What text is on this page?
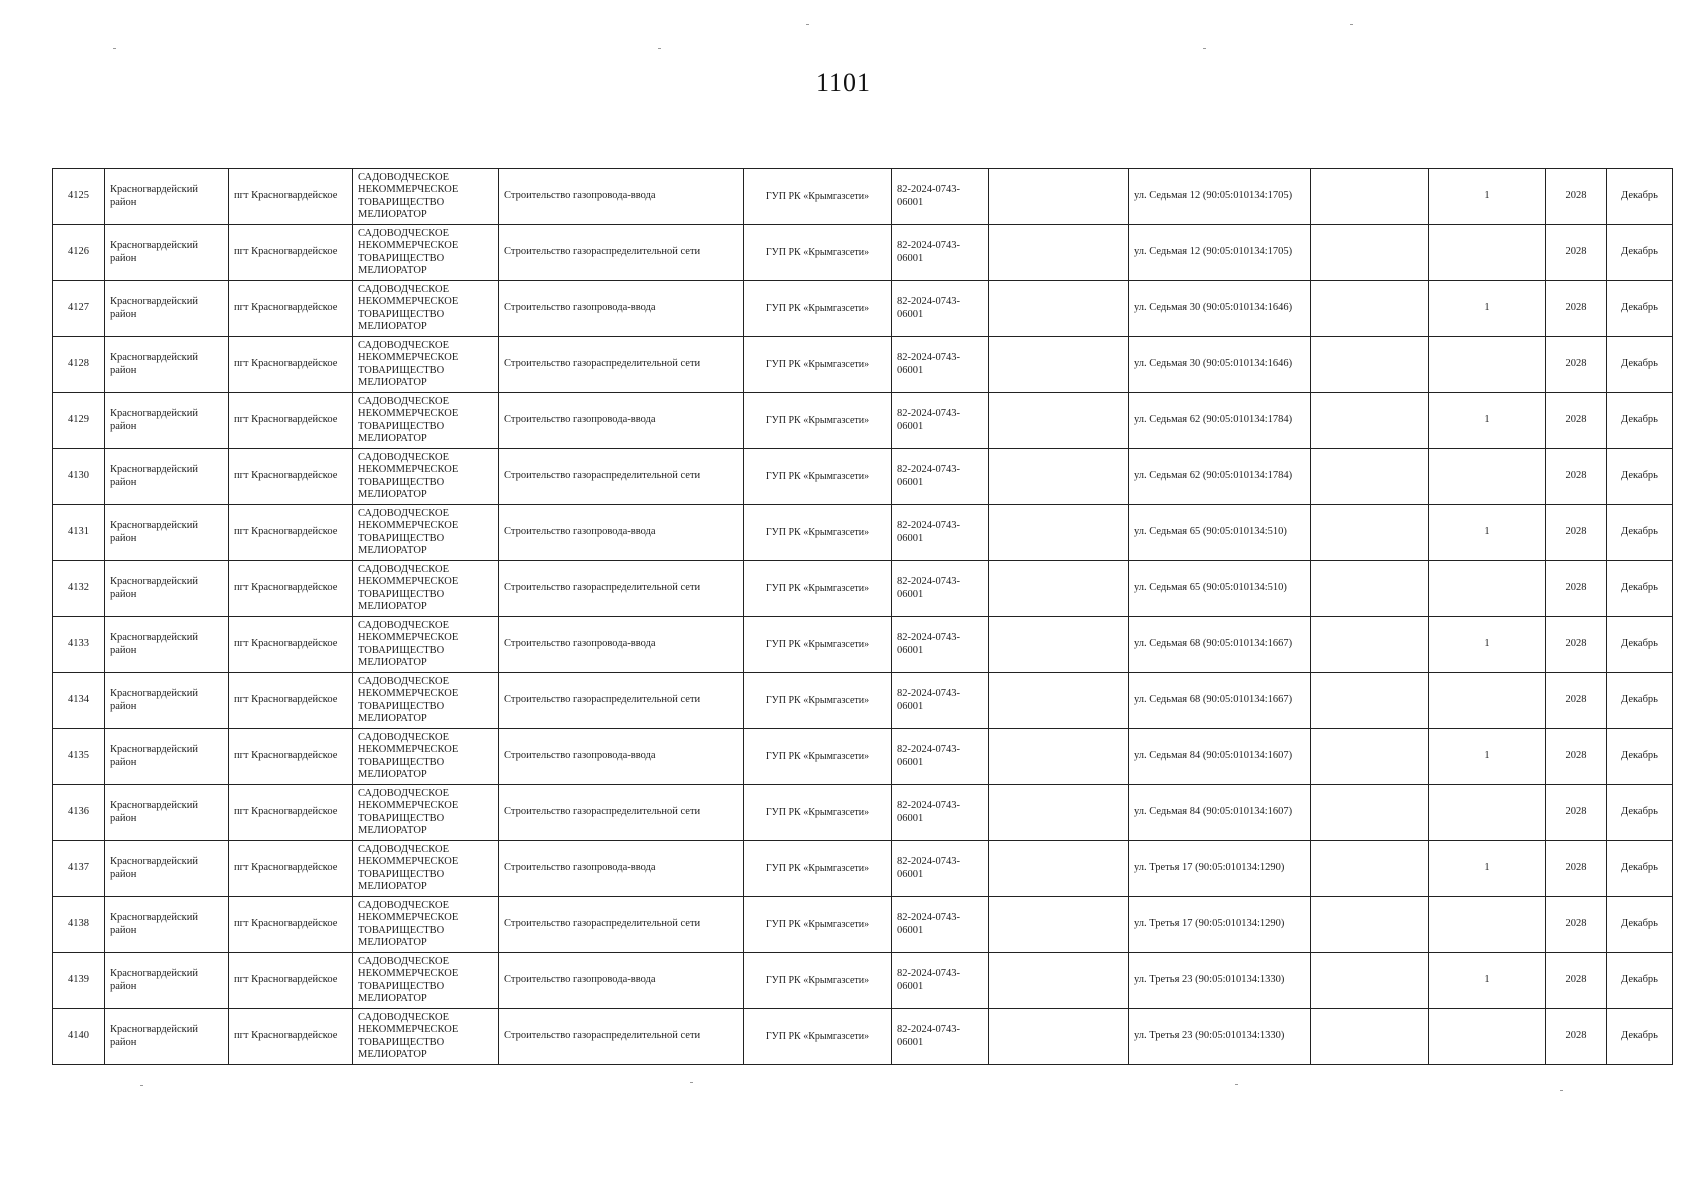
1101
4125	Красногвардейский район	пгт Красногвардейское	САДОВОДЧЕСКОЕ НЕКОММЕРЧЕСКОЕ ТОВАРИЩЕСТВО МЕЛИОРАТОР	Строительство газопровода-ввода	ГУП РК «Крымгазсети»	82-2024-0743-06001		ул. Седьмая 12 (90:05:010134:1705)		1	2028	Декабрь
4126	Красногвардейский район	пгт Красногвардейское	САДОВОДЧЕСКОЕ НЕКОММЕРЧЕСКОЕ ТОВАРИЩЕСТВО МЕЛИОРАТОР	Строительство газораспределительной сети	ГУП РК «Крымгазсети»	82-2024-0743-06001		ул. Седьмая 12 (90:05:010134:1705)			2028	Декабрь
4127	Красногвардейский район	пгт Красногвардейское	САДОВОДЧЕСКОЕ НЕКОММЕРЧЕСКОЕ ТОВАРИЩЕСТВО МЕЛИОРАТОР	Строительство газопровода-ввода	ГУП РК «Крымгазсети»	82-2024-0743-06001		ул. Седьмая 30 (90:05:010134:1646)		1	2028	Декабрь
4128	Красногвардейский район	пгт Красногвардейское	САДОВОДЧЕСКОЕ НЕКОММЕРЧЕСКОЕ ТОВАРИЩЕСТВО МЕЛИОРАТОР	Строительство газораспределительной сети	ГУП РК «Крымгазсети»	82-2024-0743-06001		ул. Седьмая 30 (90:05:010134:1646)			2028	Декабрь
4129	Красногвардейский район	пгт Красногвардейское	САДОВОДЧЕСКОЕ НЕКОММЕРЧЕСКОЕ ТОВАРИЩЕСТВО МЕЛИОРАТОР	Строительство газопровода-ввода	ГУП РК «Крымгазсети»	82-2024-0743-06001		ул. Седьмая 62 (90:05:010134:1784)		1	2028	Декабрь
4130	Красногвардейский район	пгт Красногвардейское	САДОВОДЧЕСКОЕ НЕКОММЕРЧЕСКОЕ ТОВАРИЩЕСТВО МЕЛИОРАТОР	Строительство газораспределительной сети	ГУП РК «Крымгазсети»	82-2024-0743-06001		ул. Седьмая 62 (90:05:010134:1784)			2028	Декабрь
4131	Красногвардейский район	пгт Красногвардейское	САДОВОДЧЕСКОЕ НЕКОММЕРЧЕСКОЕ ТОВАРИЩЕСТВО МЕЛИОРАТОР	Строительство газопровода-ввода	ГУП РК «Крымгазсети»	82-2024-0743-06001		ул. Седьмая 65 (90:05:010134:510)		1	2028	Декабрь
4132	Красногвардейский район	пгт Красногвардейское	САДОВОДЧЕСКОЕ НЕКОММЕРЧЕСКОЕ ТОВАРИЩЕСТВО МЕЛИОРАТОР	Строительство газораспределительной сети	ГУП РК «Крымгазсети»	82-2024-0743-06001		ул. Седьмая 65 (90:05:010134:510)			2028	Декабрь
4133	Красногвардейский район	пгт Красногвардейское	САДОВОДЧЕСКОЕ НЕКОММЕРЧЕСКОЕ ТОВАРИЩЕСТВО МЕЛИОРАТОР	Строительство газопровода-ввода	ГУП РК «Крымгазсети»	82-2024-0743-06001		ул. Седьмая 68 (90:05:010134:1667)		1	2028	Декабрь
4134	Красногвардейский район	пгт Красногвардейское	САДОВОДЧЕСКОЕ НЕКОММЕРЧЕСКОЕ ТОВАРИЩЕСТВО МЕЛИОРАТОР	Строительство газораспределительной сети	ГУП РК «Крымгазсети»	82-2024-0743-06001		ул. Седьмая 68 (90:05:010134:1667)			2028	Декабрь
4135	Красногвардейский район	пгт Красногвардейское	САДОВОДЧЕСКОЕ НЕКОММЕРЧЕСКОЕ ТОВАРИЩЕСТВО МЕЛИОРАТОР	Строительство газопровода-ввода	ГУП РК «Крымгазсети»	82-2024-0743-06001		ул. Седьмая 84 (90:05:010134:1607)		1	2028	Декабрь
4136	Красногвардейский район	пгт Красногвардейское	САДОВОДЧЕСКОЕ НЕКОММЕРЧЕСКОЕ ТОВАРИЩЕСТВО МЕЛИОРАТОР	Строительство газораспределительной сети	ГУП РК «Крымгазсети»	82-2024-0743-06001		ул. Седьмая 84 (90:05:010134:1607)			2028	Декабрь
4137	Красногвардейский район	пгт Красногвардейское	САДОВОДЧЕСКОЕ НЕКОММЕРЧЕСКОЕ ТОВАРИЩЕСТВО МЕЛИОРАТОР	Строительство газопровода-ввода	ГУП РК «Крымгазсети»	82-2024-0743-06001		ул. Третья 17 (90:05:010134:1290)		1	2028	Декабрь
4138	Красногвардейский район	пгт Красногвардейское	САДОВОДЧЕСКОЕ НЕКОММЕРЧЕСКОЕ ТОВАРИЩЕСТВО МЕЛИОРАТОР	Строительство газораспределительной сети	ГУП РК «Крымгазсети»	82-2024-0743-06001		ул. Третья 17 (90:05:010134:1290)			2028	Декабрь
4139	Красногвардейский район	пгт Красногвардейское	САДОВОДЧЕСКОЕ НЕКОММЕРЧЕСКОЕ ТОВАРИЩЕСТВО МЕЛИОРАТОР	Строительство газопровода-ввода	ГУП РК «Крымгазсети»	82-2024-0743-06001		ул. Третья 23 (90:05:010134:1330)		1	2028	Декабрь
4140	Красногвардейский район	пгт Красногвардейское	САДОВОДЧЕСКОЕ НЕКОММЕРЧЕСКОЕ ТОВАРИЩЕСТВО МЕЛИОРАТОР	Строительство газораспределительной сети	ГУП РК «Крымгазсети»	82-2024-0743-06001		ул. Третья 23 (90:05:010134:1330)			2028	Декабрь
